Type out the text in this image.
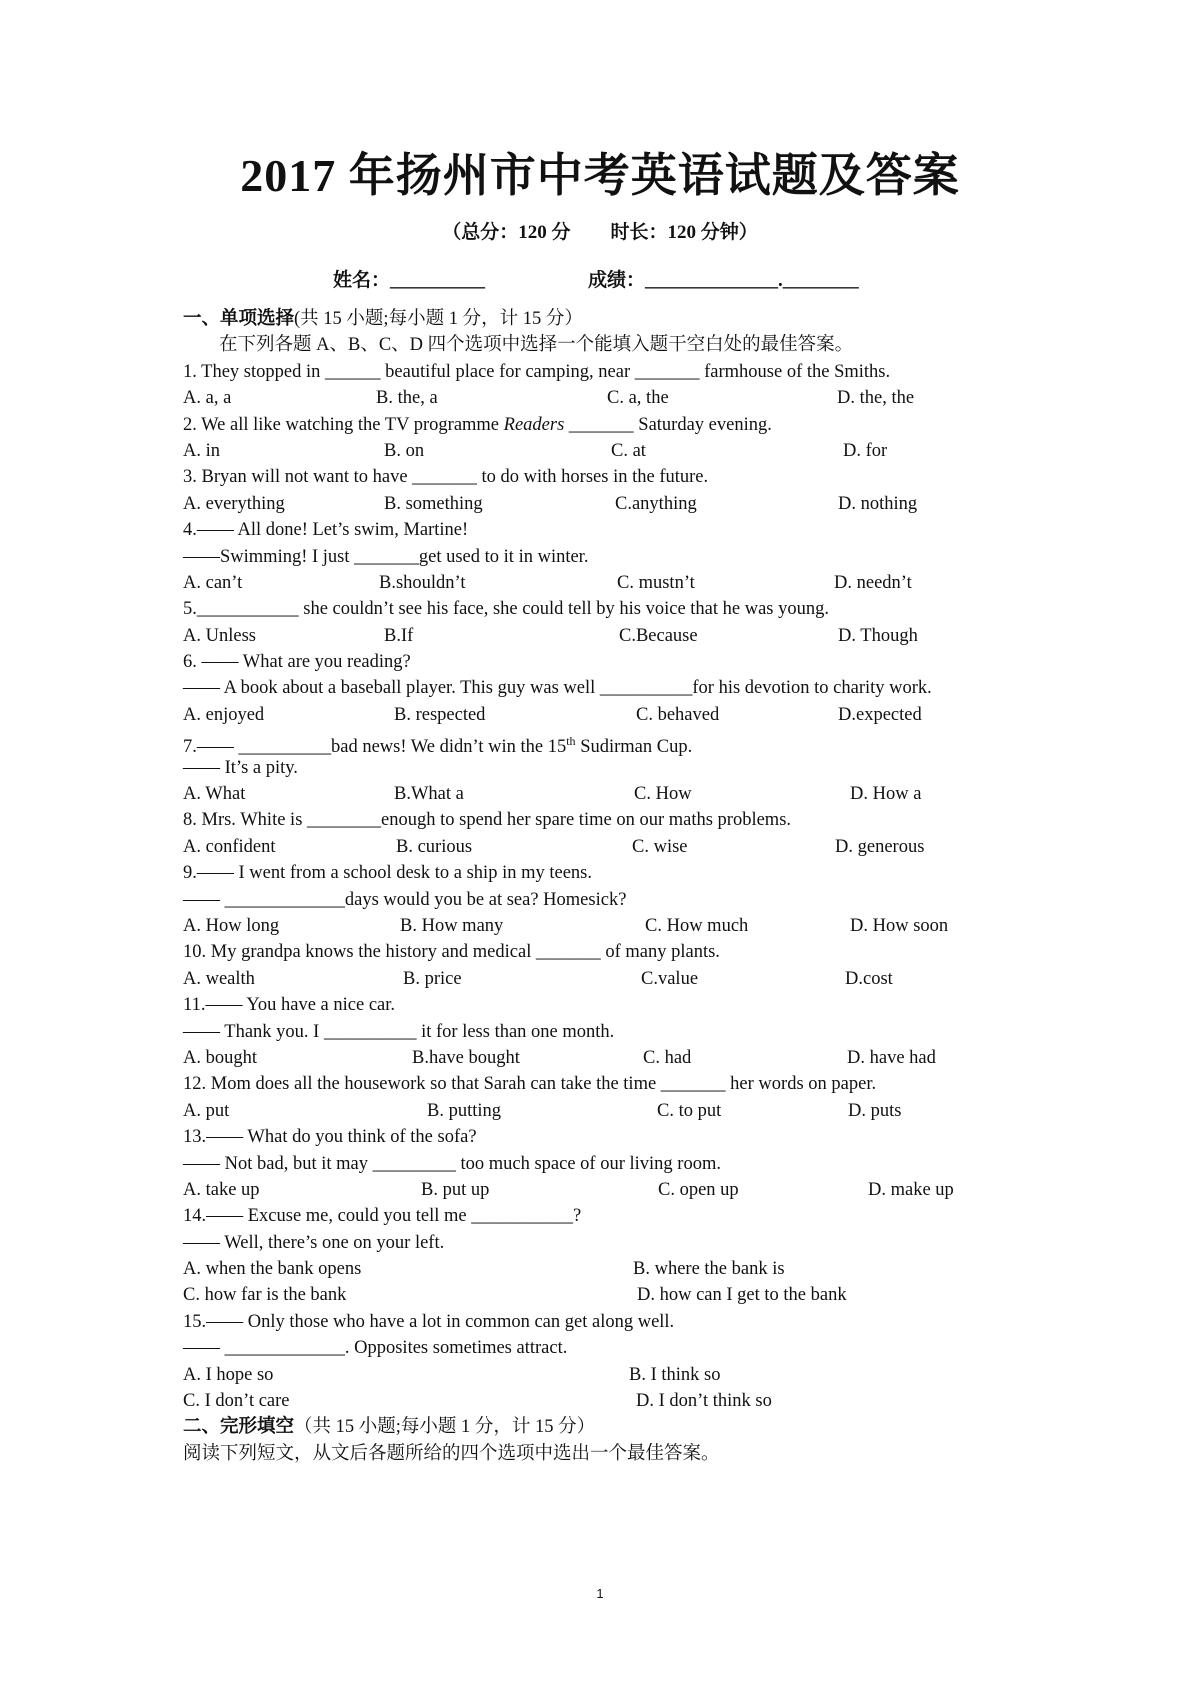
2017 年扬州市中考英语试题及答案
（总分：120 分 时长：120 分钟）
姓名：__________	成绩：______________.________
一、单项选择(共 15 小题;每小题 1 分，计 15 分）
在下列各题 A、B、C、D 四个选项中选择一个能填入题干空白处的最佳答案。
1. They stopped in ______ beautiful place for camping, near _______ farmhouse of the Smiths.
A. a, a	B. the, a	C. a, the	D. the, the
2. We all like watching the TV programme Readers _______ Saturday evening.
A. in	B. on	C. at	D. for
3. Bryan will not want to have _______ to do with horses in the future.
A. everything	B. something	C.anything	D. nothing
4.—— All done! Let’s swim, Martine!
——Swimming! I just _______get used to it in winter.
A. can’t	B.shouldn’t	C. mustn’t	D. needn’t
5.___________ she couldn’t see his face, she could tell by his voice that he was young.
A. Unless	B.If	C.Because	D. Though
6. —— What are you reading?
—— A book about a baseball player. This guy was well __________for his devotion to charity work.
A. enjoyed	B. respected	C. behaved	D.expected
7.—— __________bad news! We didn’t win the 15th Sudirman Cup.
—— It’s a pity.
A. What	B.What a	C. How	D. How a
8. Mrs. White is ________enough to spend her spare time on our maths problems.
A. confident	B. curious	C. wise	D. generous
9.—— I went from a school desk to a ship in my teens.
—— _____________days would you be at sea? Homesick?
A. How long	B. How many	C. How much	D. How soon
10. My grandpa knows the history and medical _______ of many plants.
A. wealth	B. price	C.value	D.cost
11.—— You have a nice car.
—— Thank you. I __________ it for less than one month.
A. bought	B.have bought	C. had	D. have had
12. Mom does all the housework so that Sarah can take the time _______ her words on paper.
A. put	B. putting	C. to put	D. puts
13.—— What do you think of the sofa?
—— Not bad, but it may _________ too much space of our living room.
A. take up	B. put up	C. open up	D. make up
14.—— Excuse me, could you tell me ___________?
—— Well, there’s one on your left.
A. when the bank opens	B. where the bank is
C. how far is the bank	D. how can I get to the bank
15.—— Only those who have a lot in common can get along well.
—— _____________. Opposites sometimes attract.
A. I hope so	B. I think so
C. I don’t care	D. I don’t think so
二、完形填空（共 15 小题;每小题 1 分，计 15 分）
阅读下列短文，从文后各题所给的四个选项中选出一个最佳答案。
1
